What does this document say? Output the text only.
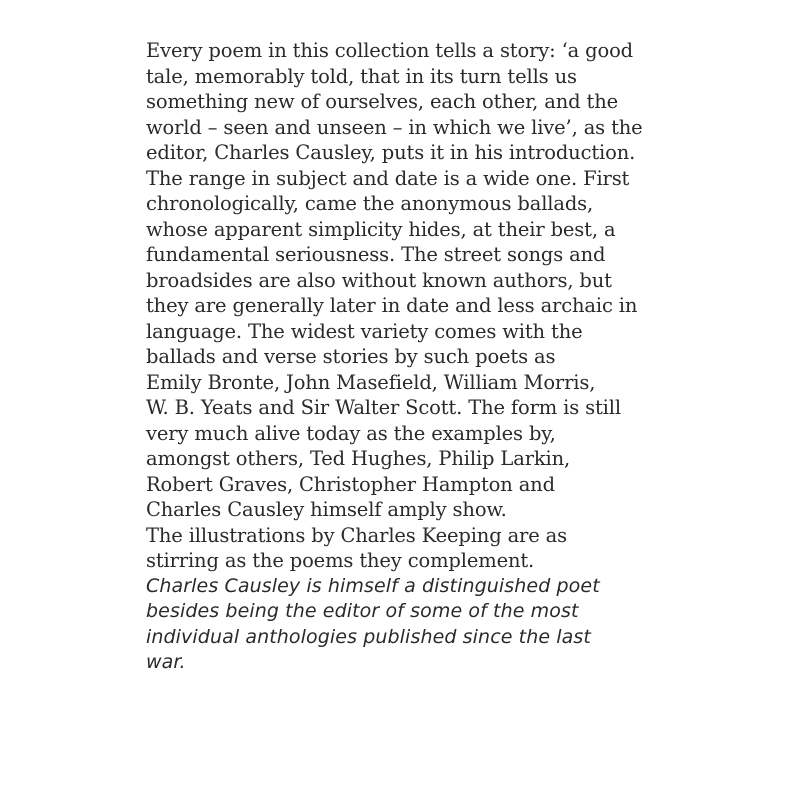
Every poem in this collection tells a story: ‘a good
tale, memorably told, that in its turn tells us
something new of ourselves, each other, and the
world – seen and unseen – in which we live’, as the
editor, Charles Causley, puts it in his introduction.
The range in subject and date is a wide one. First
chronologically, came the anonymous ballads,
whose apparent simplicity hides, at their best, a
fundamental seriousness. The street songs and
broadsides are also without known authors, but
they are generally later in date and less archaic in
language. The widest variety comes with the
ballads and verse stories by such poets as
Emily Bronte, John Masefield, William Morris,
W. B. Yeats and Sir Walter Scott. The form is still
very much alive today as the examples by,
amongst others, Ted Hughes, Philip Larkin,
Robert Graves, Christopher Hampton and
Charles Causley himself amply show.
The illustrations by Charles Keeping are as
stirring as the poems they complement.
Charles Causley is himself a distinguished poet
besides being the editor of some of the most
individual anthologies published since the last
war.
